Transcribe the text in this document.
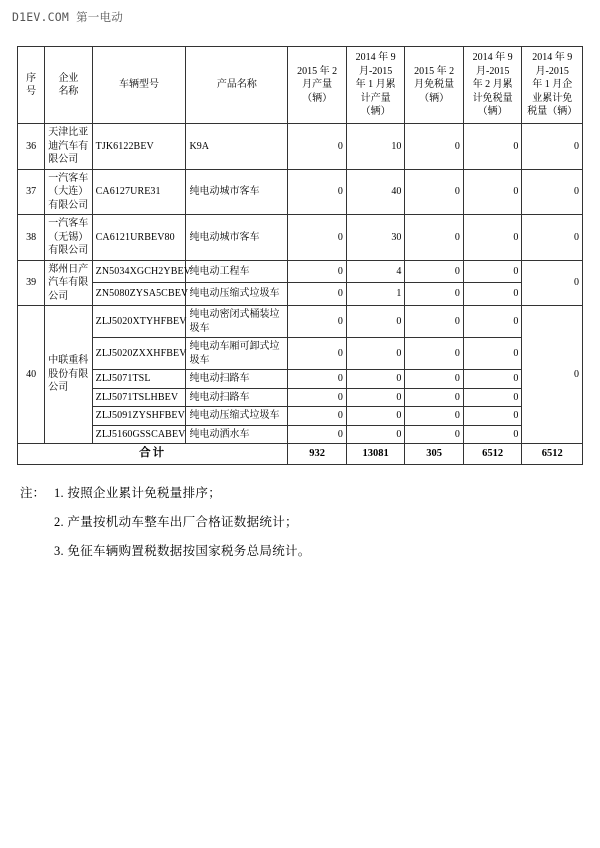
D1EV.COM 第一电动
序
号

企业
名称

车辆型号	产品名称

2015 年 2
月产量
（辆）

2014 年 9
月-2015
年 1 月累
计产量
（辆）

2015 年 2
月免税量
（辆）

2014 年 9
月-2015
年 2 月累
计免税量
（辆）

2014 年 9
月-2015
年 1 月企
业累计免
税量（辆）

36	天津比亚迪汽车有限公司	TJK6122BEV	K9A	0	10	0	0	0
37	一汽客车（大连）有限公司	CA6127URE31	纯电动城市客车	0	40	0	0	0
38	一汽客车（无锡）有限公司	CA6121URBEV80	纯电动城市客车	0	30	0	0	0
39	郑州日产汽车有限公司	ZN5034XGCH2YBEV	纯电动工程车	0	4	0	0	0
		ZN5080ZYSA5CBEV	纯电动压缩式垃圾车	0	1	0	0	
40	中联重科股份有限公司	ZLJ5020XTYHFBEV	纯电动密闭式桶装垃圾车	0	0	0	0	0
		ZLJ5020ZXXHFBEV	纯电动车厢可卸式垃圾车	0	0	0	0	
		ZLJ5071TSL	纯电动扫路车	0	0	0	0	
		ZLJ5071TSLHBEV	纯电动扫路车	0	0	0	0	
		ZLJ5091ZYSHFBEV	纯电动压缩式垃圾车	0	0	0	0	
		ZLJ5160GSSCABEV	纯电动洒水车	0	0	0	0	
合计				932	13081	305	6512	6512
注： 1. 按照企业累计免税量排序；
2. 产量按机动车整车出厂合格证数据统计；
3. 免征车辆购置税数据按国家税务总局统计。
